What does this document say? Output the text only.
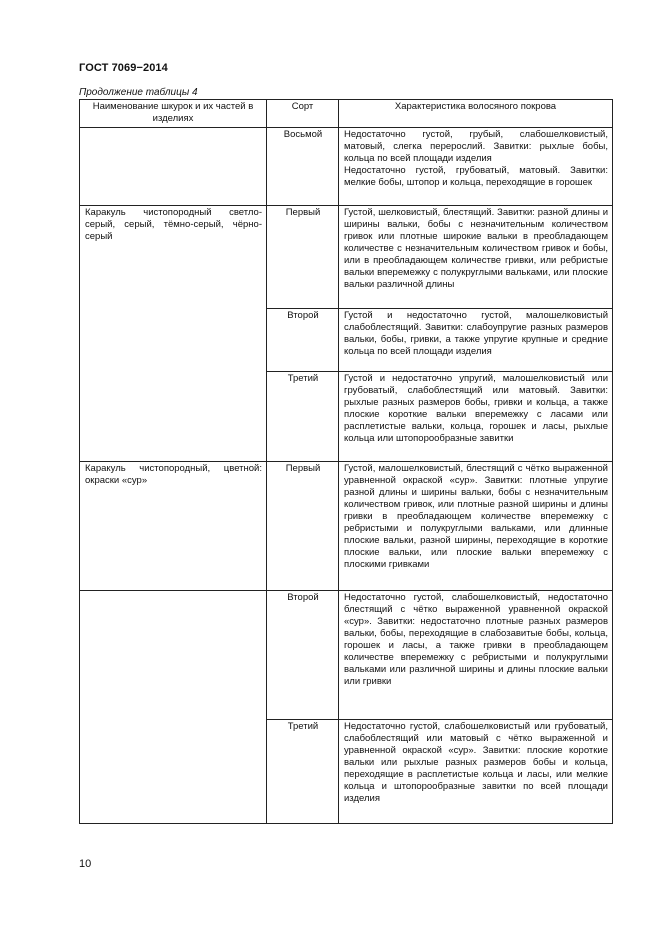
ГОСТ 7069−2014
Продолжение таблицы 4
Наименование шкурок и их частей в изделиях	Сорт	Характеристика волосяного покрова
	Восьмой	Недостаточно густой, грубый, слабошелковистый, матовый, слегка перерослий. Завитки: рыхлые бобы, кольца по всей площади изделия

Недостаточно густой, грубоватый, матовый. Завитки: мелкие бобы, штопор и кольца, переходящие в горошек

Каракуль чистопородный светло-серый, серый, тёмно-серый, чёрно-серый	Первый	Густой, шелковистый, блестящий. Завитки: разной длины и ширины вальки, бобы с незначительным количеством гривок или плотные широкие вальки в преобладающем количестве с незначительным количеством гривок и бобы, или в преобладающем количестве гривки, или ребристые вальки вперемежку с полукруглыми вальками, или плоские вальки различной длины

	Второй	Густой и недостаточно густой, малошелковистый слабоблестящий. Завитки: слабоупругие разных размеров вальки, бобы, гривки, а также упругие крупные и средние кольца по всей площади изделия

	Третий	Густой и недостаточно упругий, малошелковистый или грубоватый, слабоблестящий или матовый. Завитки: рыхлые разных размеров бобы, гривки и кольца, а также плоские короткие вальки вперемежку с ласами или расплетистые вальки, кольца, горошек и ласы, рыхлые кольца или штопорообразные завитки

Каракуль чистопородный, цветной:

окраски «сур»	Первый	Густой, малошелковистый, блестящий с чётко выраженной уравненной окраской «сур». Завитки: плотные упругие разной длины и ширины вальки, бобы с незначительным количеством гривок, или плотные разной ширины и длины гривки в преобладающем количестве вперемежку с ребристыми и полукруглыми вальками, или длинные плоские вальки, разной ширины, переходящие в короткие плоские вальки, или плоские вальки вперемежку с плоскими гривками

	Второй	Недостаточно густой, слабошелковистый, недостаточно блестящий с чётко выраженной уравненной окраской «сур». Завитки: недостаточно плотные разных размеров вальки, бобы, переходящие в слабозавитые бобы, кольца, горошек и ласы, а также гривки в преобладающем количестве вперемежку с ребристыми и полукруглыми вальками или различной ширины и длины плоские вальки или гривки

	Третий	Недостаточно густой, слабошелковистый или грубоватый, слабоблестящий или матовый с чётко выраженной и уравненной окраской «сур». Завитки: плоские короткие вальки или рыхлые разных размеров бобы и кольца, переходящие в расплетистые кольца и ласы, или мелкие кольца и штопорообразные завитки по всей площади изделия

10
